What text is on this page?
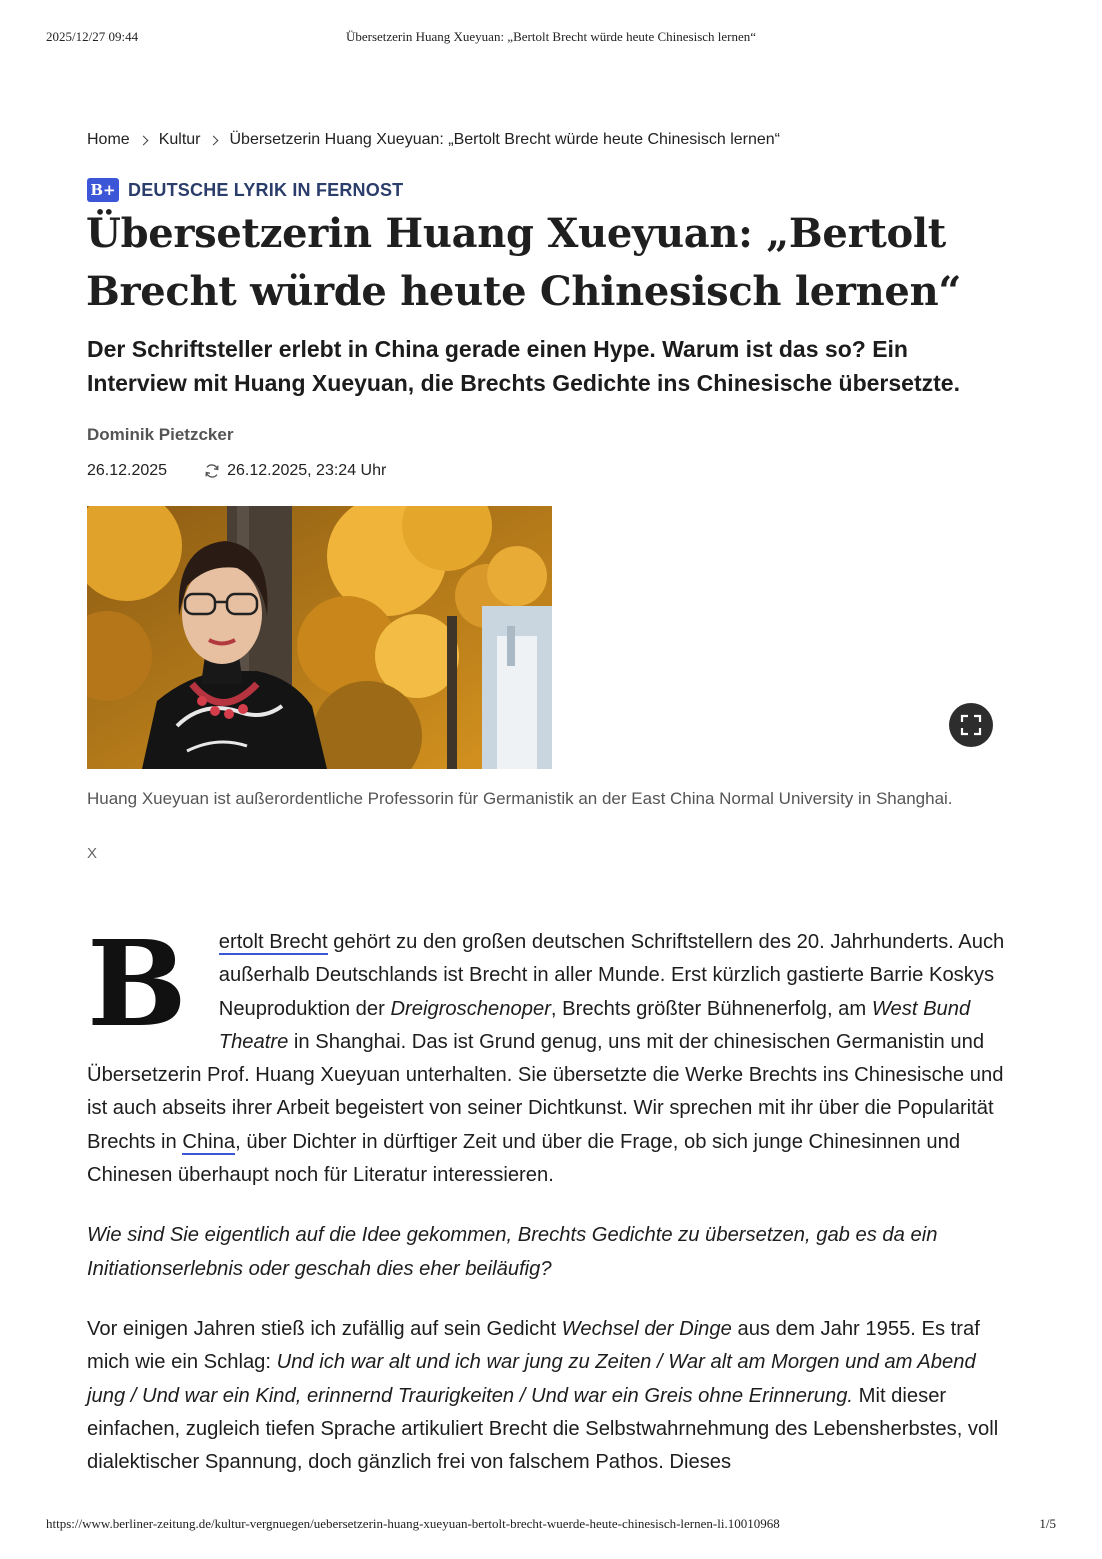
2025/12/27 09:44	Übersetzerin Huang Xueyuan: „Bertolt Brecht würde heute Chinesisch lernen“
Home Kultur Übersetzerin Huang Xueyuan: „Bertolt Brecht würde heute Chinesisch lernen“
B+ DEUTSCHE LYRIK IN FERNOST
Übersetzerin Huang Xueyuan: „Bertolt Brecht würde heute Chinesisch lernen“

Der Schriftsteller erlebt in China gerade einen Hype. Warum ist das so? Ein Interview mit Huang Xueyuan, die Brechts Gedichte ins Chinesische übersetzte.

Dominik Pietzcker
26.12.2025	26.12.2025, 23:24 Uhr

Huang Xueyuan ist außerordentliche Professorin für Germanistik an der East China Normal University in Shanghai.

X

B ertolt Brecht gehört zu den großen deutschen Schriftstellern des 20. Jahrhunderts. Auch außerhalb Deutschlands ist Brecht in aller Munde. Erst kürzlich gastierte Barrie Koskys Neuproduktion der Dreigroschenoper, Brechts größter Bühnenerfolg, am West Bund Theatre in Shanghai. Das ist Grund genug, uns mit der chinesischen Germanistin und Übersetzerin Prof. Huang Xueyuan unterhalten. Sie übersetzte die Werke Brechts ins Chinesische und ist auch abseits ihrer Arbeit begeistert von seiner Dichtkunst. Wir sprechen mit ihr über die Popularität Brechts in China, über Dichter in dürftiger Zeit und über die Frage, ob sich junge Chinesinnen und Chinesen überhaupt noch für Literatur interessieren.

Wie sind Sie eigentlich auf die Idee gekommen, Brechts Gedichte zu übersetzen, gab es da ein Initiationserlebnis oder geschah dies eher beiläufig?

Vor einigen Jahren stieß ich zufällig auf sein Gedicht Wechsel der Dinge aus dem Jahr 1955. Es traf mich wie ein Schlag: Und ich war alt und ich war jung zu Zeiten / War alt am Morgen und am Abend jung / Und war ein Kind, erinnernd Traurigkeiten / Und war ein Greis ohne Erinnerung. Mit dieser einfachen, zugleich tiefen Sprache artikuliert Brecht die Selbstwahrnehmung des Lebensherbstes, voll dialektischer Spannung, doch gänzlich frei von falschem Pathos. Dieses

https://www.berliner-zeitung.de/kultur-vergnuegen/uebersetzerin-huang-xueyuan-bertolt-brecht-wuerde-heute-chinesisch-lernen-li.10010968	1/5
